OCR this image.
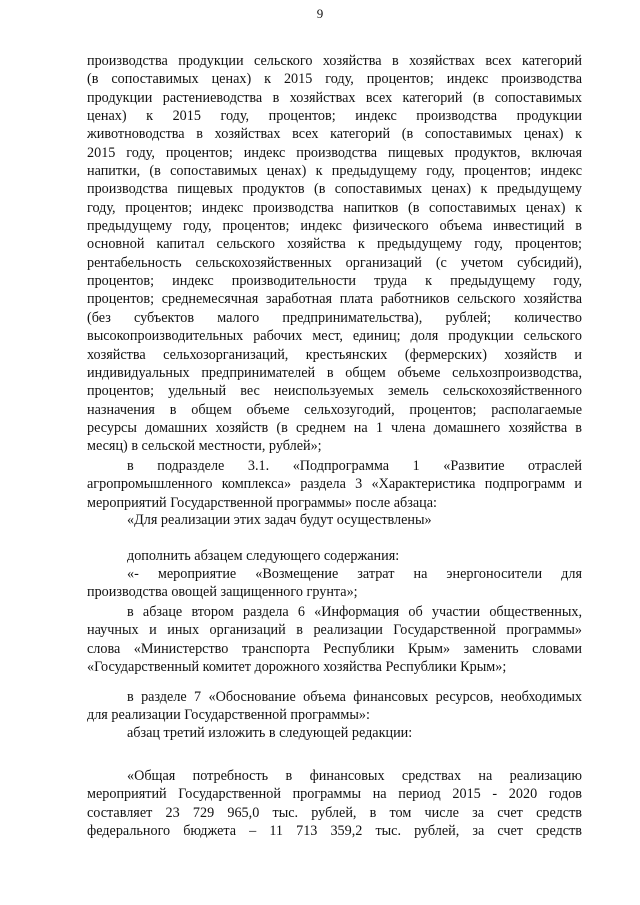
9
производства продукции сельского хозяйства в хозяйствах всех категорий
(в сопоставимых ценах) к 2015 году, процентов; индекс производства
продукции растениеводства в хозяйствах всех категорий (в сопоставимых
ценах) к 2015 году, процентов; индекс производства продукции
животноводства в хозяйствах всех категорий (в сопоставимых ценах) к
2015 году, процентов; индекс производства пищевых продуктов, включая
напитки, (в сопоставимых ценах) к предыдущему году, процентов; индекс
производства пищевых продуктов (в сопоставимых ценах) к предыдущему
году, процентов; индекс производства напитков (в сопоставимых ценах) к
предыдущему году, процентов; индекс физического объема инвестиций в
основной капитал сельского хозяйства к предыдущему году, процентов;
рентабельность сельскохозяйственных организаций (с учетом субсидий),
процентов; индекс производительности труда к предыдущему году,
процентов; среднемесячная заработная плата работников сельского хозяйства
(без субъектов малого предпринимательства), рублей; количество
высокопроизводительных рабочих мест, единиц; доля продукции сельского
хозяйства сельхозорганизаций, крестьянских (фермерских) хозяйств и
индивидуальных предпринимателей в общем объеме сельхозпроизводства,
процентов; удельный вес неиспользуемых земель сельскохозяйственного
назначения в общем объеме сельхозугодий, процентов; располагаемые
ресурсы домашних хозяйств (в среднем на 1 члена домашнего хозяйства в
месяц) в сельской местности, рублей»;
в подразделе 3.1. «Подпрограмма 1 «Развитие отраслей
агропромышленного комплекса» раздела 3 «Характеристика подпрограмм и
мероприятий Государственной программы» после абзаца:
«Для реализации этих задач будут осуществлены»
дополнить абзацем следующего содержания:
«- мероприятие «Возмещение затрат на энергоносители для
производства овощей защищенного грунта»;
в абзаце втором раздела 6 «Информация об участии общественных,
научных и иных организаций в реализации Государственной программы»
слова «Министерство транспорта Республики Крым» заменить словами
«Государственный комитет дорожного хозяйства Республики Крым»;
в разделе 7 «Обоснование объема финансовых ресурсов, необходимых
для реализации Государственной программы»:
абзац третий изложить в следующей редакции:
«Общая потребность в финансовых средствах на реализацию
мероприятий Государственной программы на период 2015 - 2020 годов
составляет 23 729 965,0 тыс. рублей, в том числе за счет средств
федерального бюджета – 11 713 359,2 тыс. рублей, за счет средств
